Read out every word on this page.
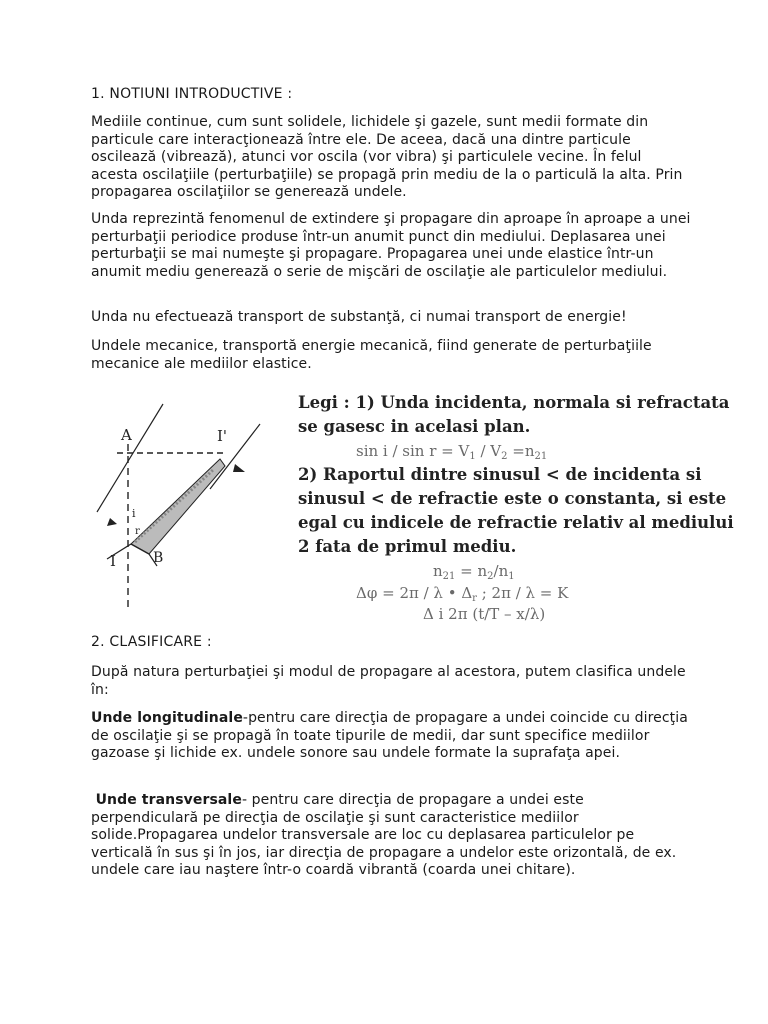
1. NOTIUNI INTRODUCTIVE :

Mediile continue, cum sunt solidele, lichidele şi gazele, sunt medii formate din particule care interacţionează între ele. De aceea, dacă una dintre particule oscilează (vibrează), atunci vor oscila (vor vibra) şi particulele vecine. În felul acesta oscilaţiile (perturbaţiile) se propagă prin mediu de la o particulă la alta. Prin propagarea oscilaţiilor se generează undele.

Unda reprezintă fenomenul de extindere şi propagare din aproape în aproape a unei perturbaţii periodice produse într-un anumit punct din mediului. Deplasarea unei perturbaţii se mai numeşte şi propagare. Propagarea unei unde elastice într-un anumit mediu generează o serie de mişcări de oscilaţie ale particulelor mediului.

Unda nu efectuează transport de substanţă, ci numai transport de energie!

Undele mecanice, transportă energie mecanică, fiind generate de perturbaţiile mecanice ale mediilor elastice.

A	I'
i
r
I	B
Legi : 1) Unda incidenta, normala si refractata
se gasesc in acelasi plan.
$\sin i / \sin r = V_1 / V_2 =n_{21}$
2) Raportul dintre sinusul < de incidenta si
sinusul < de refractie este o constanta, si este
egal cu indicele de refractie relativ al mediului
2 fata de primul mediu.
$n_{21} = n_2/n_1$
Δφ = 2π / λ • $\Delta_r$ ; 2π / λ = K
Δ i 2π (t/T – x/λ)
2. CLASIFICARE :

După natura perturbaţiei şi modul de propagare al acestora, putem clasifica undele în:

Unde longitudinale-pentru care direcţia de propagare a undei coincide cu direcţia de oscilaţie şi se propagă în toate tipurile de medii, dar sunt specifice mediilor gazoase şi lichide ex. undele sonore sau undele formate la suprafaţa apei.

Unde transversale- pentru care direcţia de propagare a undei este perpendiculară pe direcţia de oscilaţie şi sunt caracteristice mediilor solide.Propagarea undelor transversale are loc cu deplasarea particulelor pe verticală în sus şi în jos, iar direcţia de propagare a undelor este orizontală, de ex. undele care iau naştere într-o coardă vibrantă (coarda unei chitare).
